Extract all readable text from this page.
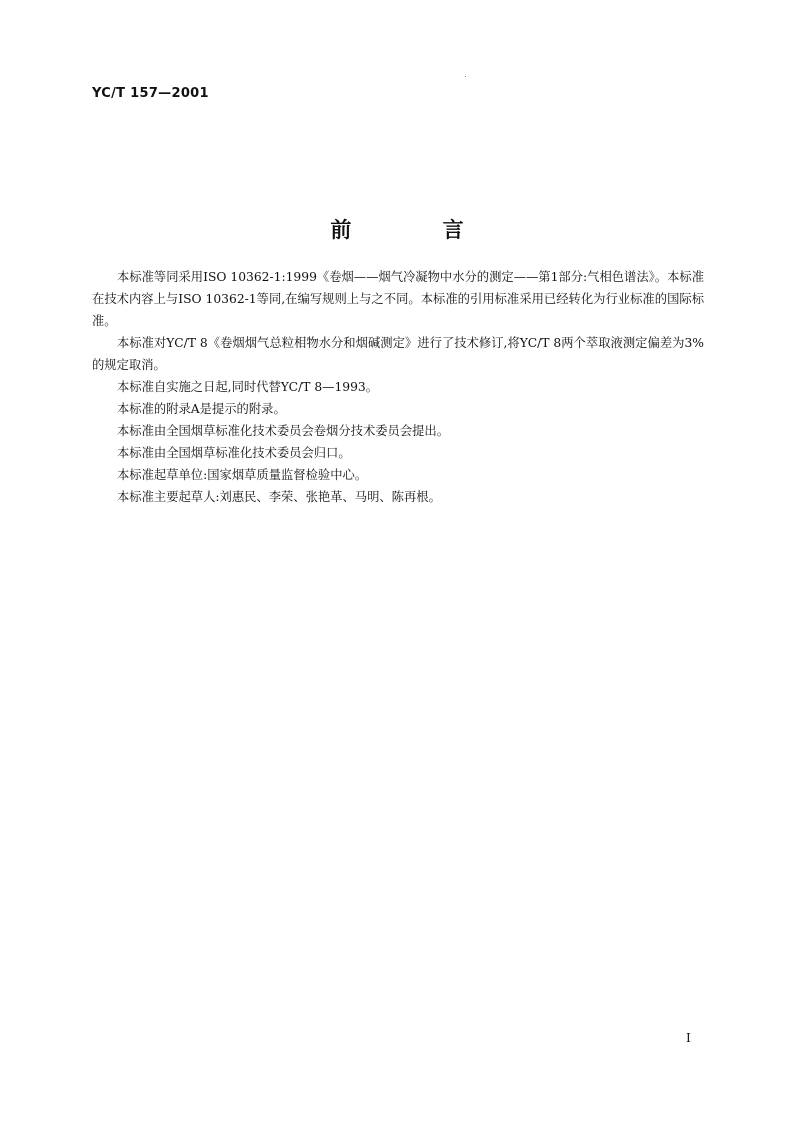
YC/T 157—2001
前 言

本标准等同采用ISO 10362-1:1999《卷烟——烟气冷凝物中水分的测定——第1部分:气相色谱法》。本标准在技术内容上与ISO 10362-1等同,在编写规则上与之不同。本标准的引用标准采用已经转化为行业标准的国际标准。

本标准对YC/T 8《卷烟烟气总粒相物水分和烟碱测定》进行了技术修订,将YC/T 8两个萃取液测定偏差为3%的规定取消。

本标准自实施之日起,同时代替YC/T 8—1993。

本标准的附录A是提示的附录。

本标准由全国烟草标准化技术委员会卷烟分技术委员会提出。

本标准由全国烟草标准化技术委员会归口。

本标准起草单位:国家烟草质量监督检验中心。

本标准主要起草人:刘惠民、李荣、张艳革、马明、陈再根。

I
